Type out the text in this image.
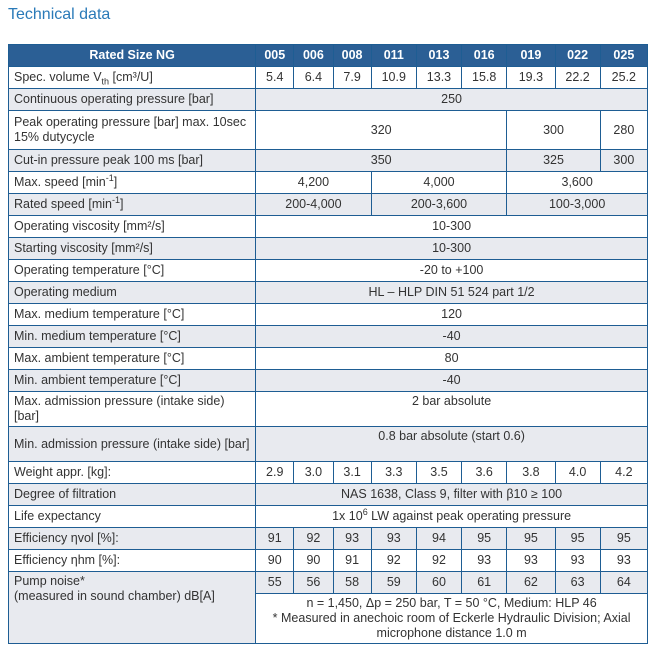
Technical data
Rated Size NG	005	006	008	011	013	016	019	022	025
Spec. volume $V_{th}$ [cm³/U]	5.4	6.4	7.9	10.9	13.3	15.8	19.3	22.2	25.2
Continuous operating pressure [bar]	250								
Peak operating pressure [bar] max. 10sec 15% dutycycle	320						300		280
Cut-in pressure peak 100 ms [bar]	350						325		300
Max. speed $[\min^{-1}]$	4,200			4,000			3,600		
Rated speed $[\min^{-1}]$	200-4,000			200-3,600			100-3,000		
Operating viscosity [mm²/s]	10-300								
Starting viscosity [mm²/s]	10-300								
Operating temperature [°C]	-20 to +100								
Operating medium	HL – HLP DIN 51 524 part 1/2								
Max. medium temperature [°C]	120								
Min. medium temperature [°C]	-40								
Max. ambient temperature [°C]	80								
Min. ambient temperature [°C]	-40								
Max. admission pressure (intake side) [bar]	2 bar absolute								
Min. admission pressure (intake side) [bar]	0.8 bar absolute (start 0.6)								
Weight appr. [kg]:	2.9	3.0	3.1	3.3	3.5	3.6	3.8	4.0	4.2
Degree of filtration	NAS 1638, Class 9, filter with β10 ≥ 100								
Life expectancy	1x $10^6$ LW against peak operating pressure								
Efficiency ηvol [%]:	91	92	93	93	94	95	95	95	95
Efficiency ηhm [%]:	90	90	91	92	92	93	93	93	93
Pump noise*
(measured in sound chamber) dB[A]	55	56	58	59	60	61	62	63	64
	n = 1,450, Δp = 250 bar, T = 50 °C, Medium: HLP 46
* Measured in anechoic room of Eckerle Hydraulic Division; Axial microphone distance 1.0 m								
